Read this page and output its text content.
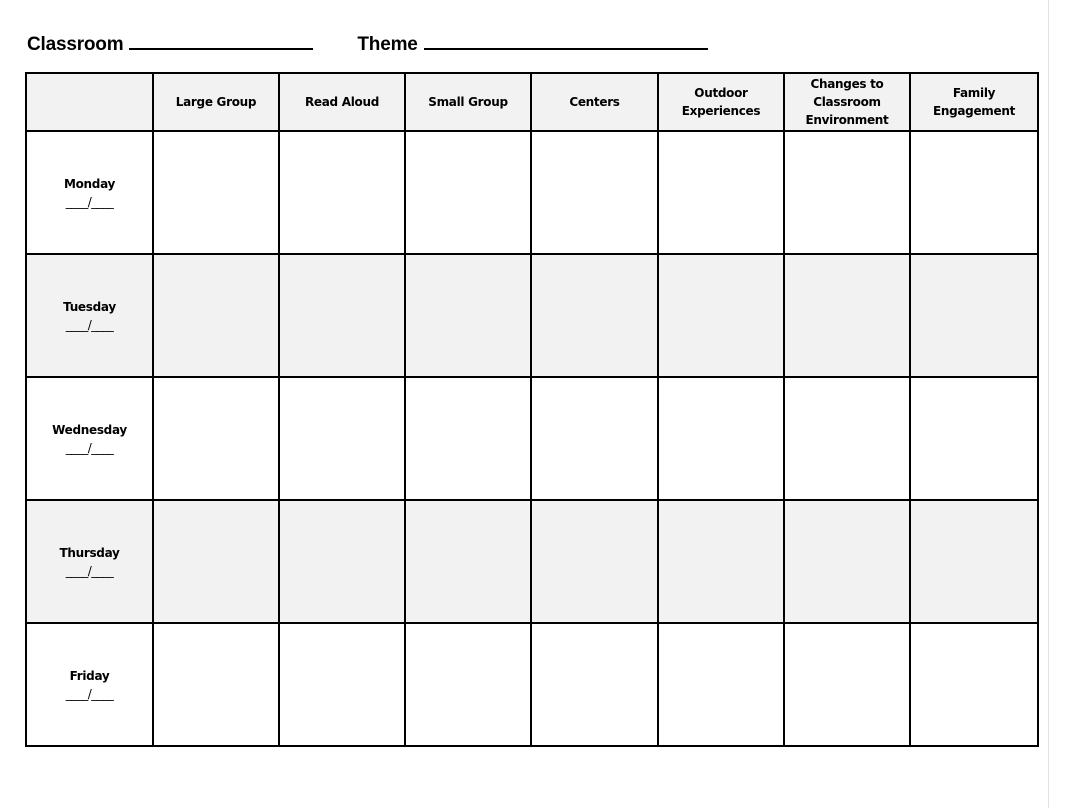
Classroom	Theme
	Large Group	Read Aloud	Small Group	Centers	Outdoor Experiences	Changes to Classroom Environment	Family Engagement

Monday
____/____							

Tuesday
____/____							

Wednesday
____/____							

Thursday
____/____							

Friday
____/____							
